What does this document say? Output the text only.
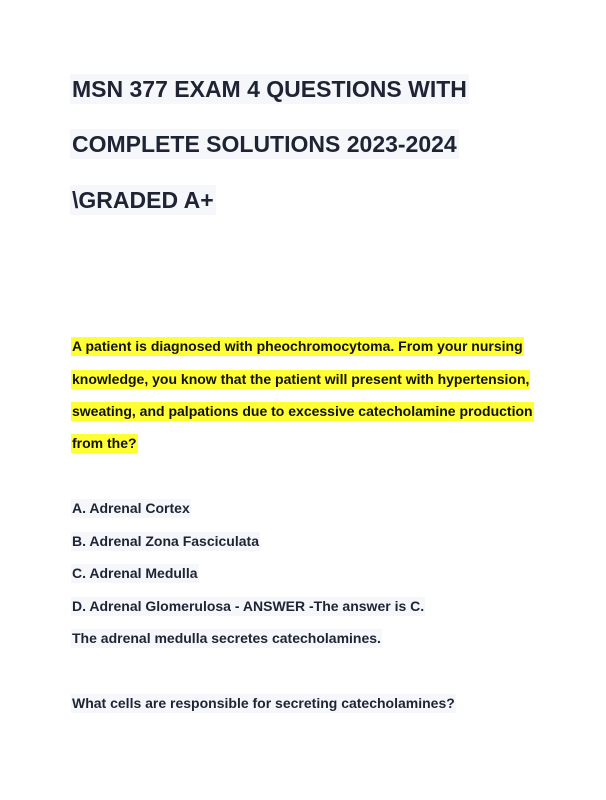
MSN 377 EXAM 4 QUESTIONS WITH
COMPLETE SOLUTIONS 2023-2024
\GRADED A+
A patient is diagnosed with pheochromocytoma. From your nursing
knowledge, you know that the patient will present with hypertension,
sweating, and palpations due to excessive catecholamine production
from the?
A. Adrenal Cortex
B. Adrenal Zona Fasciculata
C. Adrenal Medulla
D. Adrenal Glomerulosa - ANSWER -The answer is C.
The adrenal medulla secretes catecholamines.
What cells are responsible for secreting catecholamines?
